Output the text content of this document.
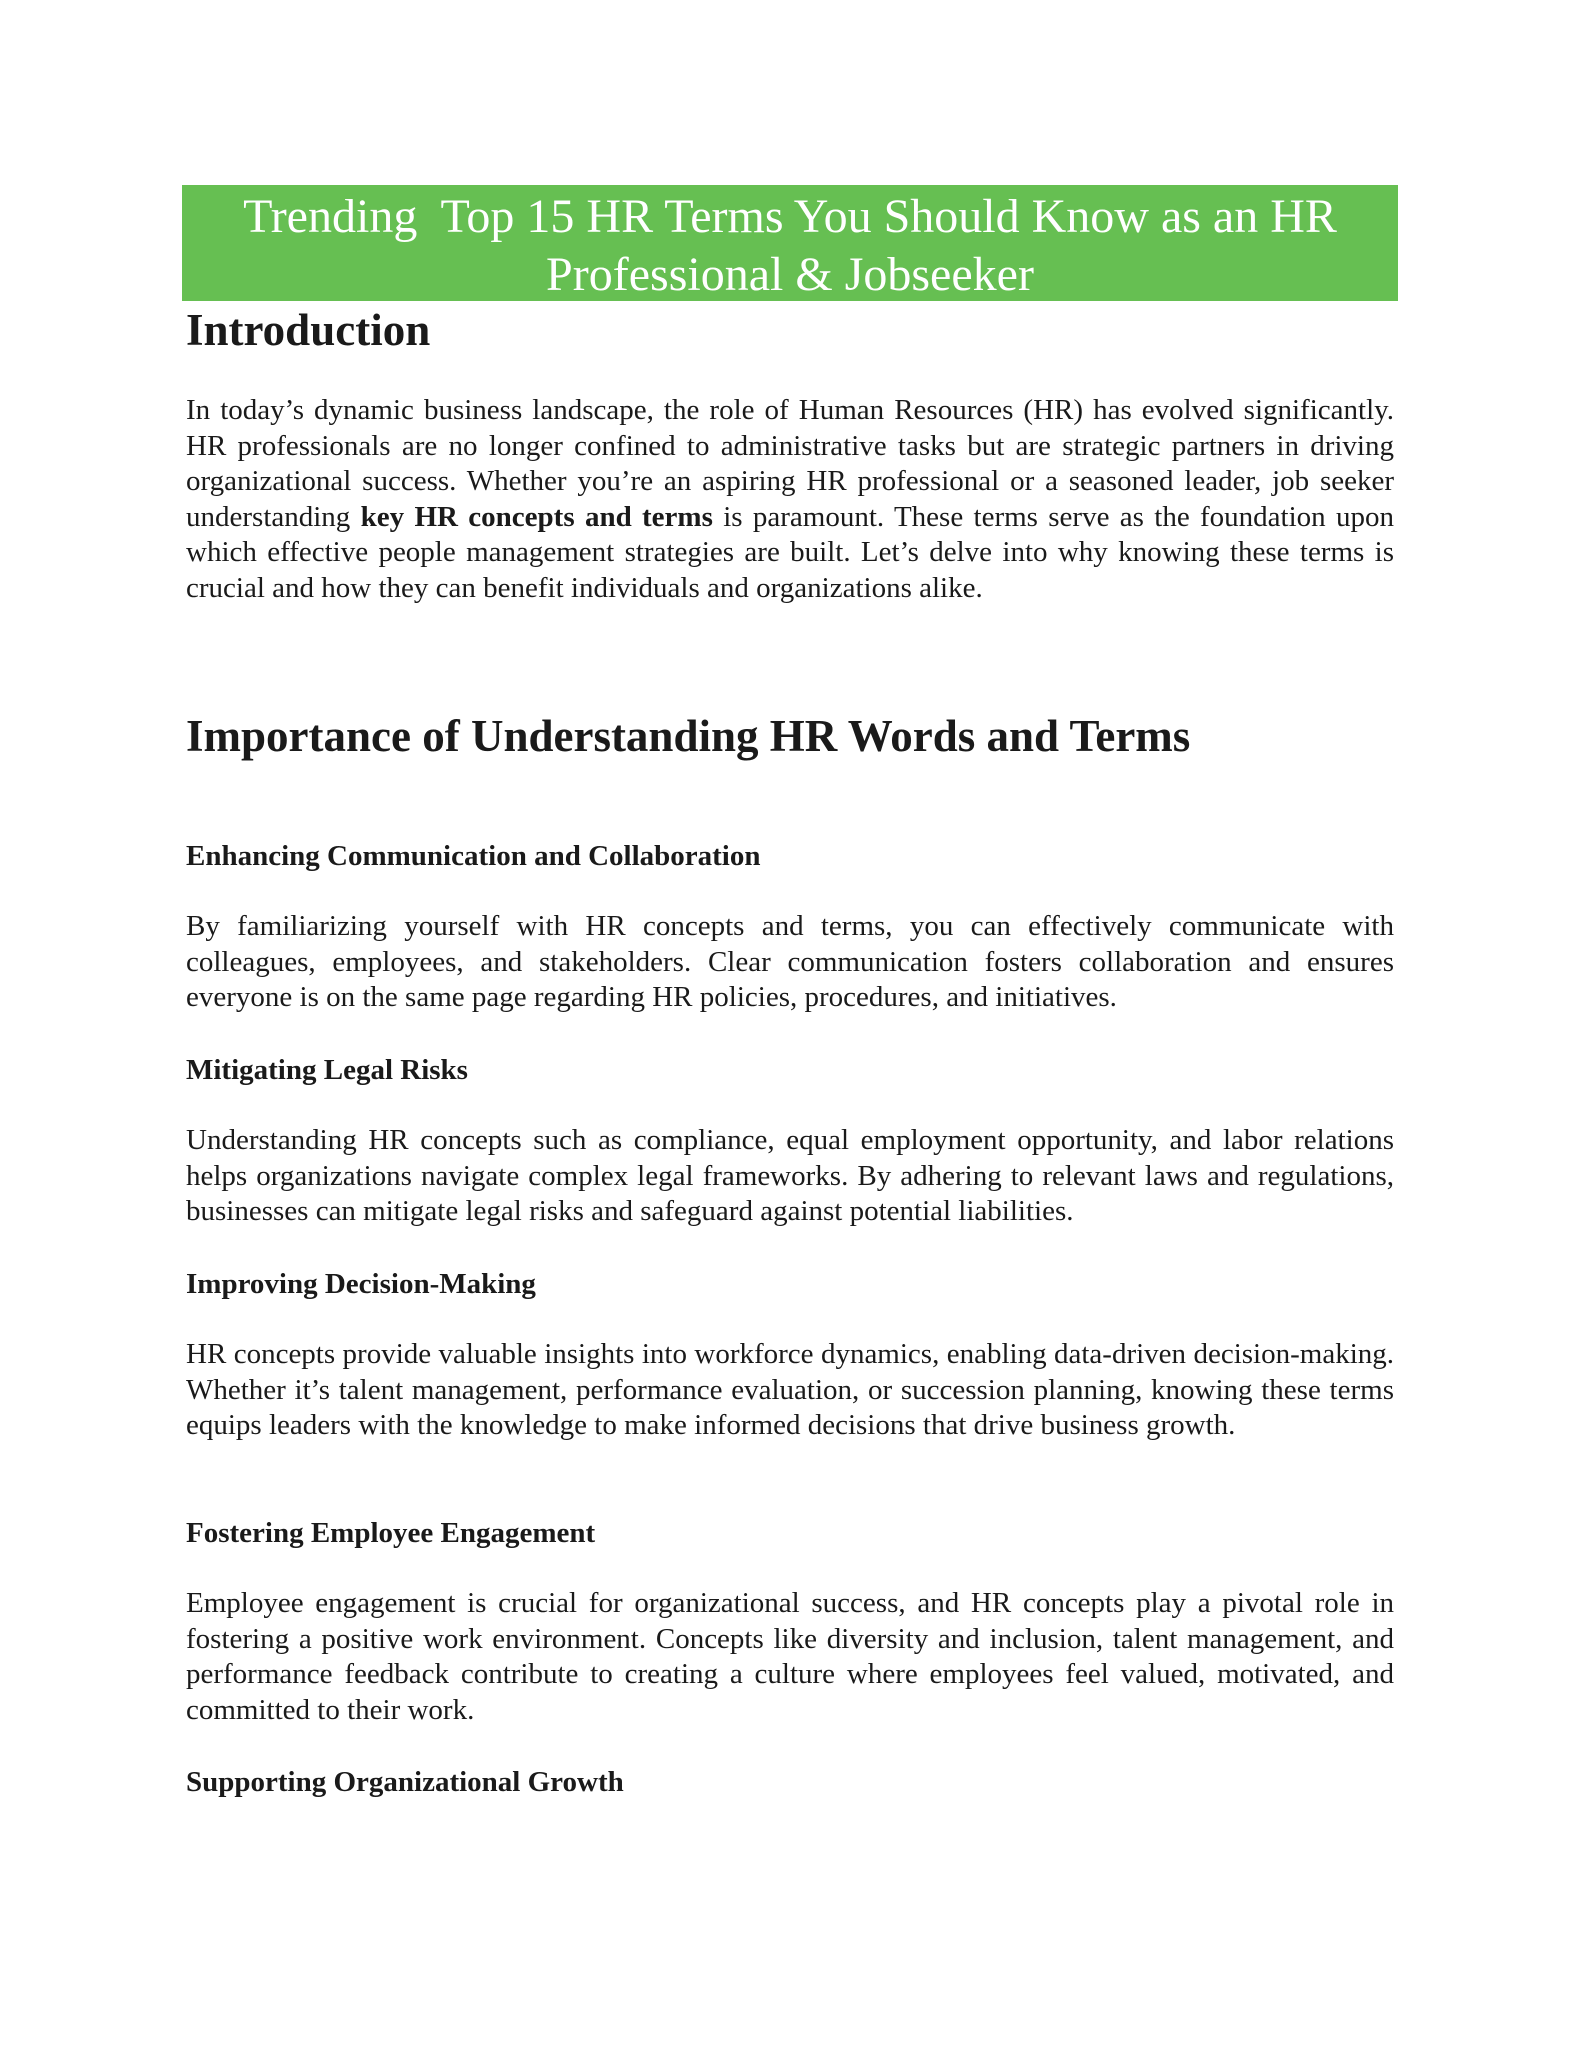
Trending  Top 15 HR Terms You Should Know as an HR
Professional & Jobseeker
Introduction

In today’s dynamic business landscape, the role of Human Resources (HR) has evolved significantly. HR professionals are no longer confined to administrative tasks but are strategic partners in driving organizational success. Whether you’re an aspiring HR professional or a seasoned leader, job seeker understanding key HR concepts and terms is paramount. These terms serve as the foundation upon which effective people management strategies are built. Let’s delve into why knowing these terms is crucial and how they can benefit individuals and organizations alike.

Importance of Understanding HR Words and Terms
Enhancing Communication and Collaboration

By familiarizing yourself with HR concepts and terms, you can effectively communicate with colleagues, employees, and stakeholders. Clear communication fosters collaboration and ensures everyone is on the same page regarding HR policies, procedures, and initiatives.

Mitigating Legal Risks

Understanding HR concepts such as compliance, equal employment opportunity, and labor relations helps organizations navigate complex legal frameworks. By adhering to relevant laws and regulations, businesses can mitigate legal risks and safeguard against potential liabilities.

Improving Decision-Making

HR concepts provide valuable insights into workforce dynamics, enabling data-driven decision-making. Whether it’s talent management, performance evaluation, or succession planning, knowing these terms equips leaders with the knowledge to make informed decisions that drive business growth.

Fostering Employee Engagement

Employee engagement is crucial for organizational success, and HR concepts play a pivotal role in fostering a positive work environment. Concepts like diversity and inclusion, talent management, and performance feedback contribute to creating a culture where employees feel valued, motivated, and committed to their work.

Supporting Organizational Growth
